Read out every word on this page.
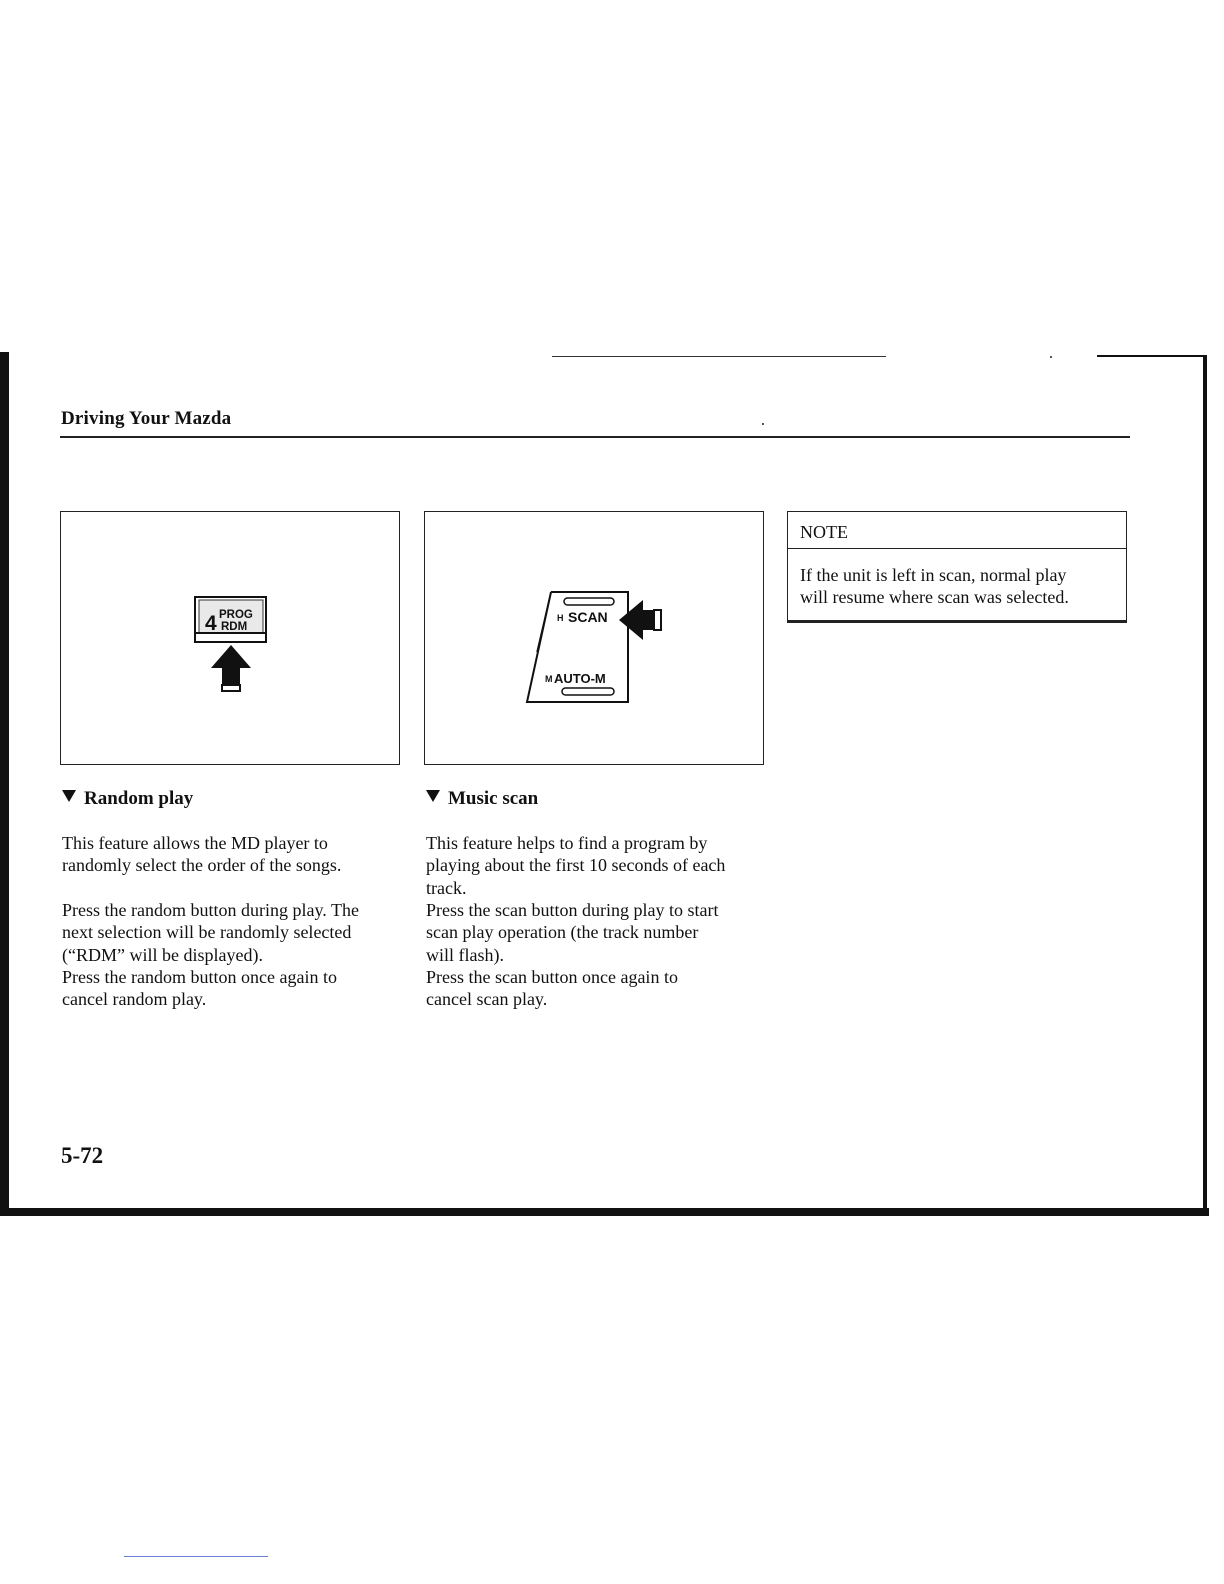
Driving Your Mazda
4 PROG
RDM
H SCAN
M AUTO-M
NOTE

If the unit is left in scan, normal play
will resume where scan was selected.

Random play

This feature allows the MD player to
randomly select the order of the songs.

Press the random button during play. The
next selection will be randomly selected
(“RDM” will be displayed).
Press the random button once again to
cancel random play.

Music scan

This feature helps to find a program by
playing about the first 10 seconds of each
track.

Press the scan button during play to start
scan play operation (the track number
will flash).
Press the scan button once again to
cancel scan play.

5-72
